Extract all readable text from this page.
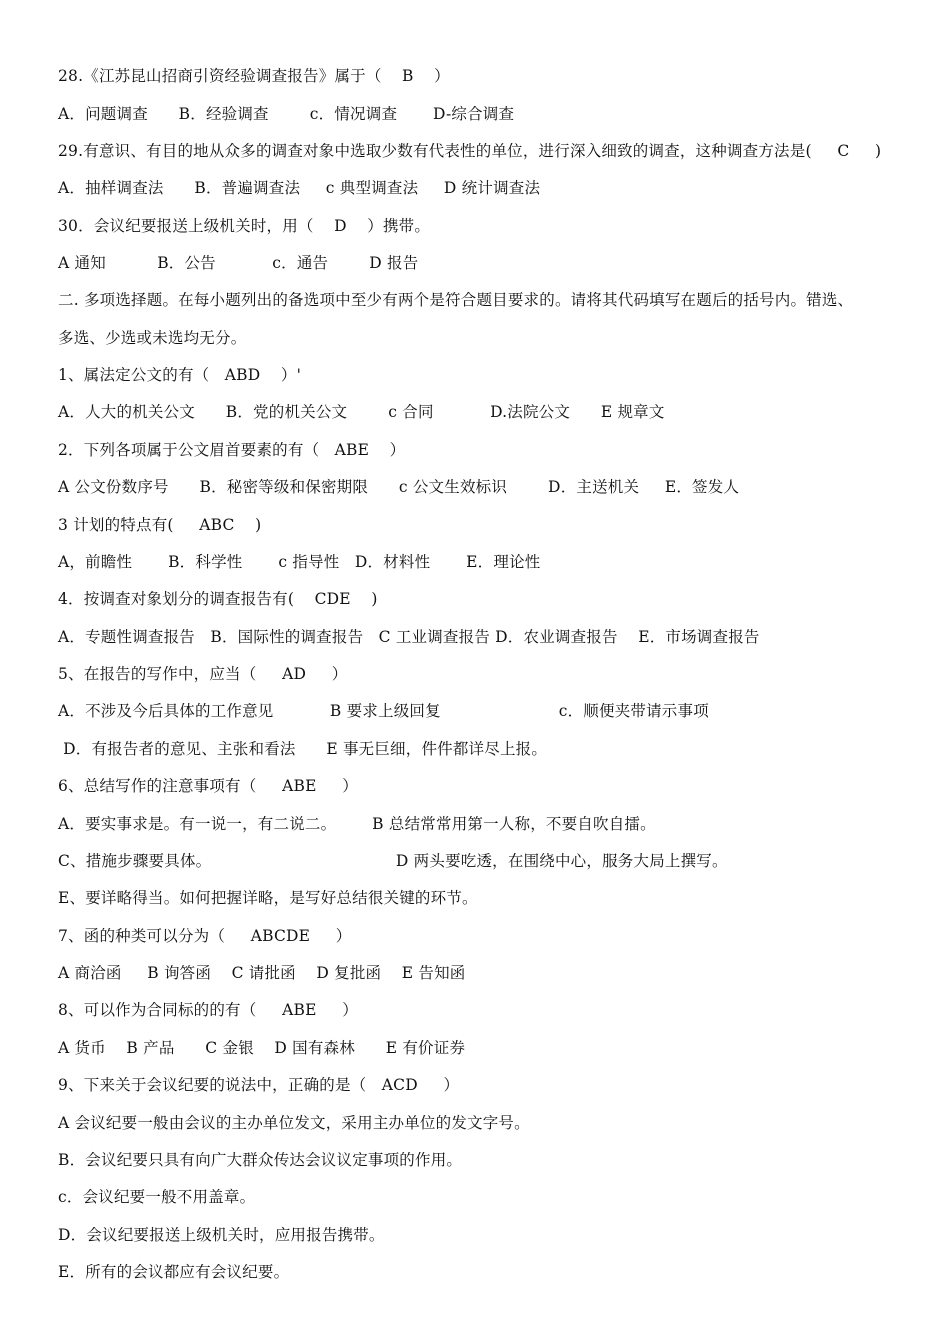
28.《江苏昆山招商引资经验调查报告》属于（    B    ）
A．问题调查      B．经验调查        c．情况调查       D-综合调查
29.有意识、有目的地从众多的调查对象中选取少数有代表性的单位，进行深入细致的调查，这种调查方法是(     C     )
A．抽样调查法      B．普遍调查法     c 典型调查法     D 统计调查法
30．会议纪要报送上级机关时，用（    D    ）携带。
A 通知          B．公告           c．通告        D 报告
二. 多项选择题。在每小题列出的备选项中至少有两个是符合题目要求的。请将其代码填写在题后的括号内。错选、
多选、少选或未选均无分。
1、属法定公文的有（   ABD    ）'
A．人大的机关公文      B．党的机关公文        c 合同           D.法院公文      E 规章文
2．下列各项属于公文眉首要素的有（   ABE    ）
A 公文份数序号      B．秘密等级和保密期限      c 公文生效标识        D．主送机关     E．签发人
3 计划的特点有(     ABC    )
A，前瞻性       B．科学性       c 指导性   D．材料性       E．理论性
4．按调查对象划分的调查报告有(    CDE    )
A．专题性调查报告   B．国际性的调查报告   C 工业调查报告 D．农业调查报告    E．市场调查报告
5、在报告的写作中，应当（     AD     ）
A．不涉及今后具体的工作意见           B 要求上级回复                       c．顺便夹带请示事项
D．有报告者的意见、主张和看法      E 事无巨细，件件都详尽上报。
6、总结写作的注意事项有（     ABE     ）
A．要实事求是。有一说一，有二说二。       B 总结常常用第一人称，不要自吹自擂。
C、措施步骤要具体。                                    D 两头要吃透，在围绕中心，服务大局上撰写。
E、要详略得当。如何把握详略，是写好总结很关键的环节。
7、函的种类可以分为（     ABCDE     ）
A 商洽函     B 询答函    C 请批函    D 复批函    E 告知函
8、可以作为合同标的的有（     ABE     ）
A 货币    B 产品      C 金银    D 国有森林      E 有价证券
9、下来关于会议纪要的说法中，正确的是（   ACD     ）
A 会议纪要一般由会议的主办单位发文，采用主办单位的发文字号。
B．会议纪要只具有向广大群众传达会议议定事项的作用。
c．会议纪要一般不用盖章。
D．会议纪要报送上级机关时，应用报告携带。
E．所有的会议都应有会议纪要。
